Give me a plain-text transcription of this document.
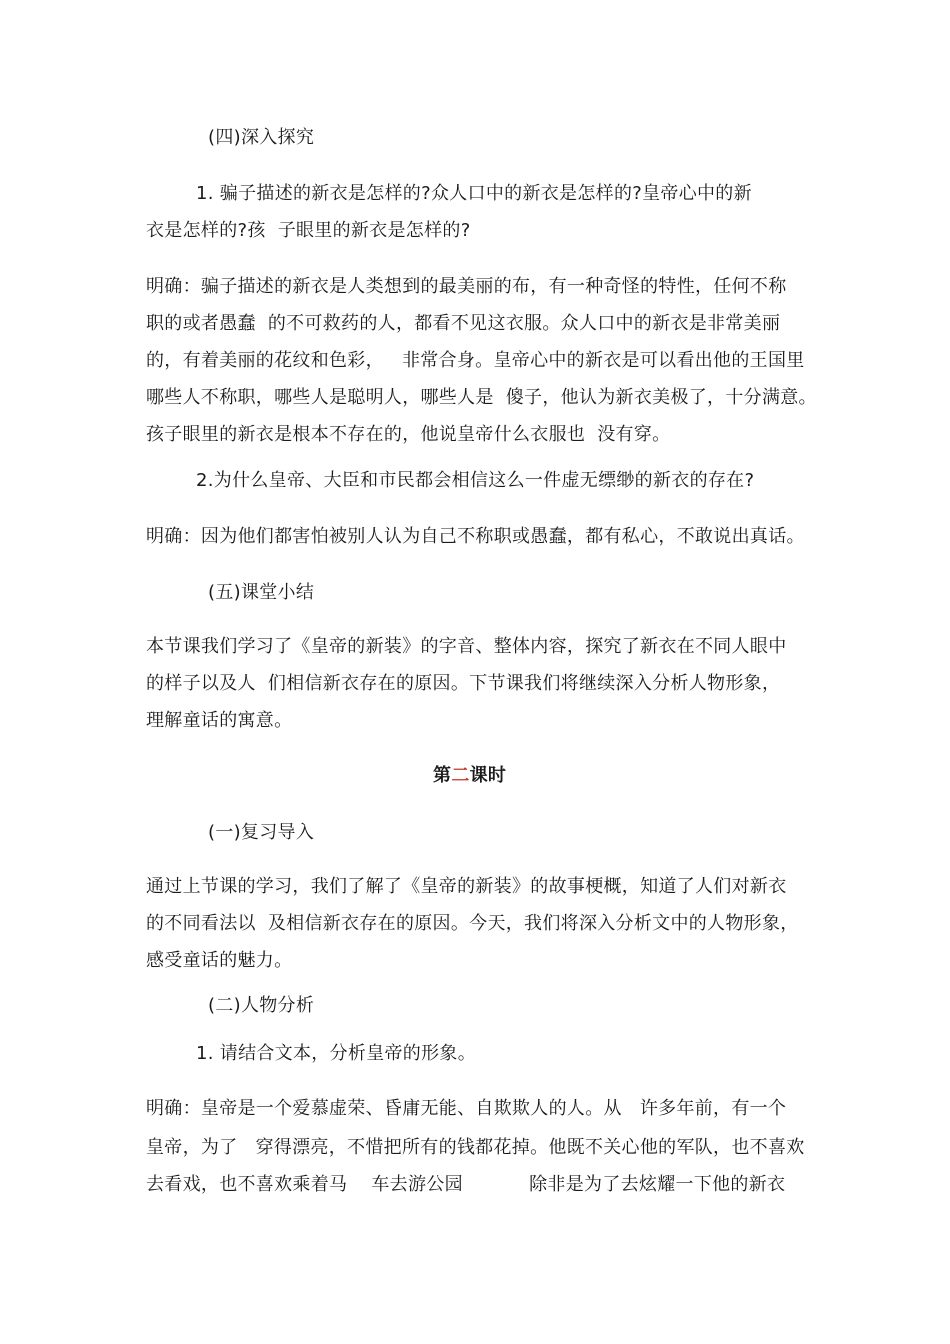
(四)深入探究
1. 骗子描述的新衣是怎样的?众人口中的新衣是怎样的?皇帝心中的新
衣是怎样的?孩  子眼里的新衣是怎样的?
明确：骗子描述的新衣是人类想到的最美丽的布，有一种奇怪的特性，任何不称
职的或者愚蠢  的不可救药的人，都看不见这衣服。众人口中的新衣是非常美丽
的，有着美丽的花纹和色彩，   非常合身。皇帝心中的新衣是可以看出他的王国里
哪些人不称职，哪些人是聪明人，哪些人是  傻子，他认为新衣美极了，十分满意。
孩子眼里的新衣是根本不存在的，他说皇帝什么衣服也  没有穿。
2.为什么皇帝、大臣和市民都会相信这么一件虚无缥缈的新衣的存在?
明确：因为他们都害怕被别人认为自己不称职或愚蠢，都有私心，不敢说出真话。
(五)课堂小结
本节课我们学习了《皇帝的新装》的字音、整体内容，探究了新衣在不同人眼中
的样子以及人  们相信新衣存在的原因。下节课我们将继续深入分析人物形象，
理解童话的寓意。
第二课时
(一)复习导入
通过上节课的学习，我们了解了《皇帝的新装》的故事梗概，知道了人们对新衣
的不同看法以  及相信新衣存在的原因。今天，我们将深入分析文中的人物形象，
感受童话的魅力。
(二)人物分析
1. 请结合文本，分析皇帝的形象。
明确：皇帝是一个爱慕虚荣、昏庸无能、自欺欺人的人。从   许多年前，有一个
皇帝，为了   穿得漂亮，不惜把所有的钱都花掉。他既不关心他的军队，也不喜欢
去看戏，也不喜欢乘着马    车去游公园           除非是为了去炫耀一下他的新衣
